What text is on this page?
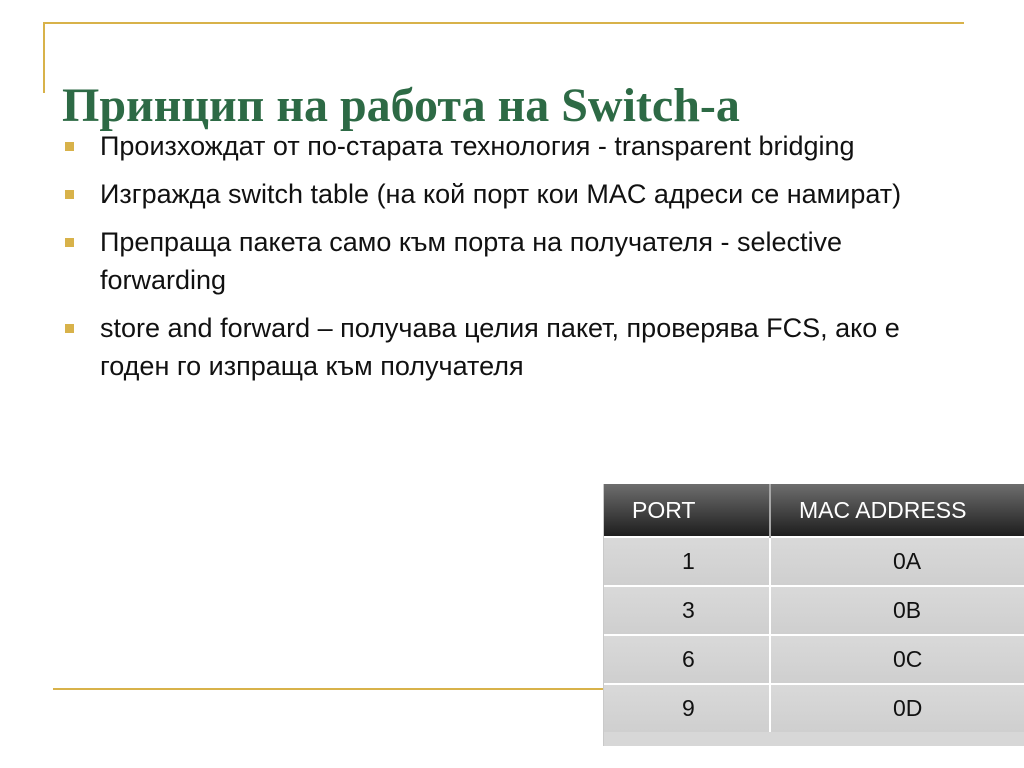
Принцип на работа на Switch-а
Произхождат от по-старата технология - transparent bridging
Изгражда switch table (на кой порт кои MAC адреси се намират)
Препраща пакета само към порта на получателя - selective forwarding
store and forward – получава целия пакет, проверява FCS, ако е годен го изпраща към получателя
PORT	MAC ADDRESS

1	0A
3	0B
6	0C
9	0D
